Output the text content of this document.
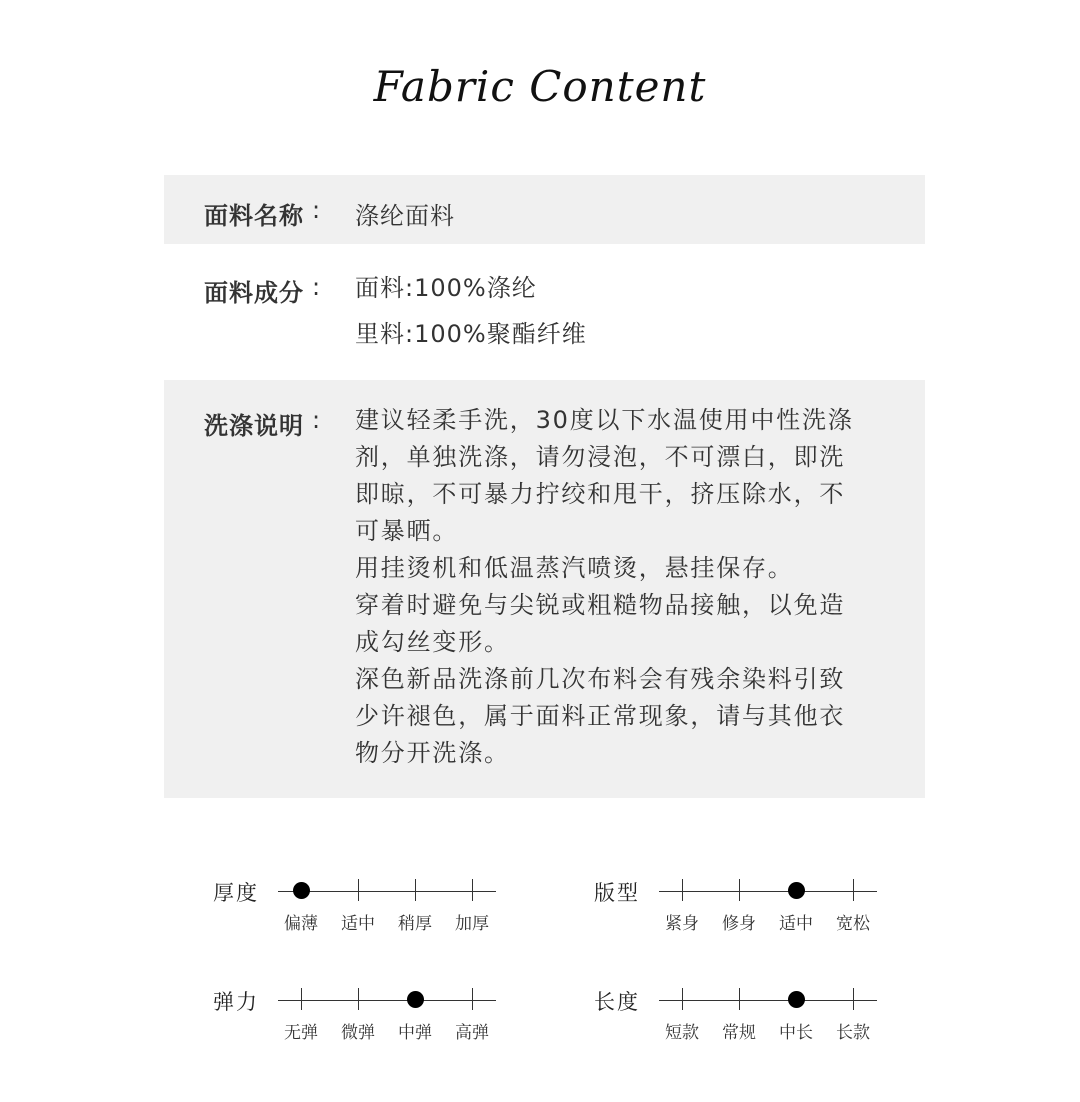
Fabric Content
面料名称 : 涤纶面料
面料成分 : 面料:100%涤纶
里料:100%聚酯纤维
洗涤说明 : 建议轻柔手洗，30度以下水温使用中性洗涤
剂，单独洗涤，请勿浸泡，不可漂白，即洗
即晾，不可暴力拧绞和甩干，挤压除水，不
可暴晒。
用挂烫机和低温蒸汽喷烫，悬挂保存。
穿着时避免与尖锐或粗糙物品接触，以免造
成勾丝变形。
深色新品洗涤前几次布料会有残余染料引致
少许褪色，属于面料正常现象，请与其他衣
物分开洗涤。
厚度
偏薄 适中 稍厚 加厚
版型
紧身 修身 适中 宽松
弹力
无弹 微弹 中弹 高弹
长度
短款 常规 中长 长款
